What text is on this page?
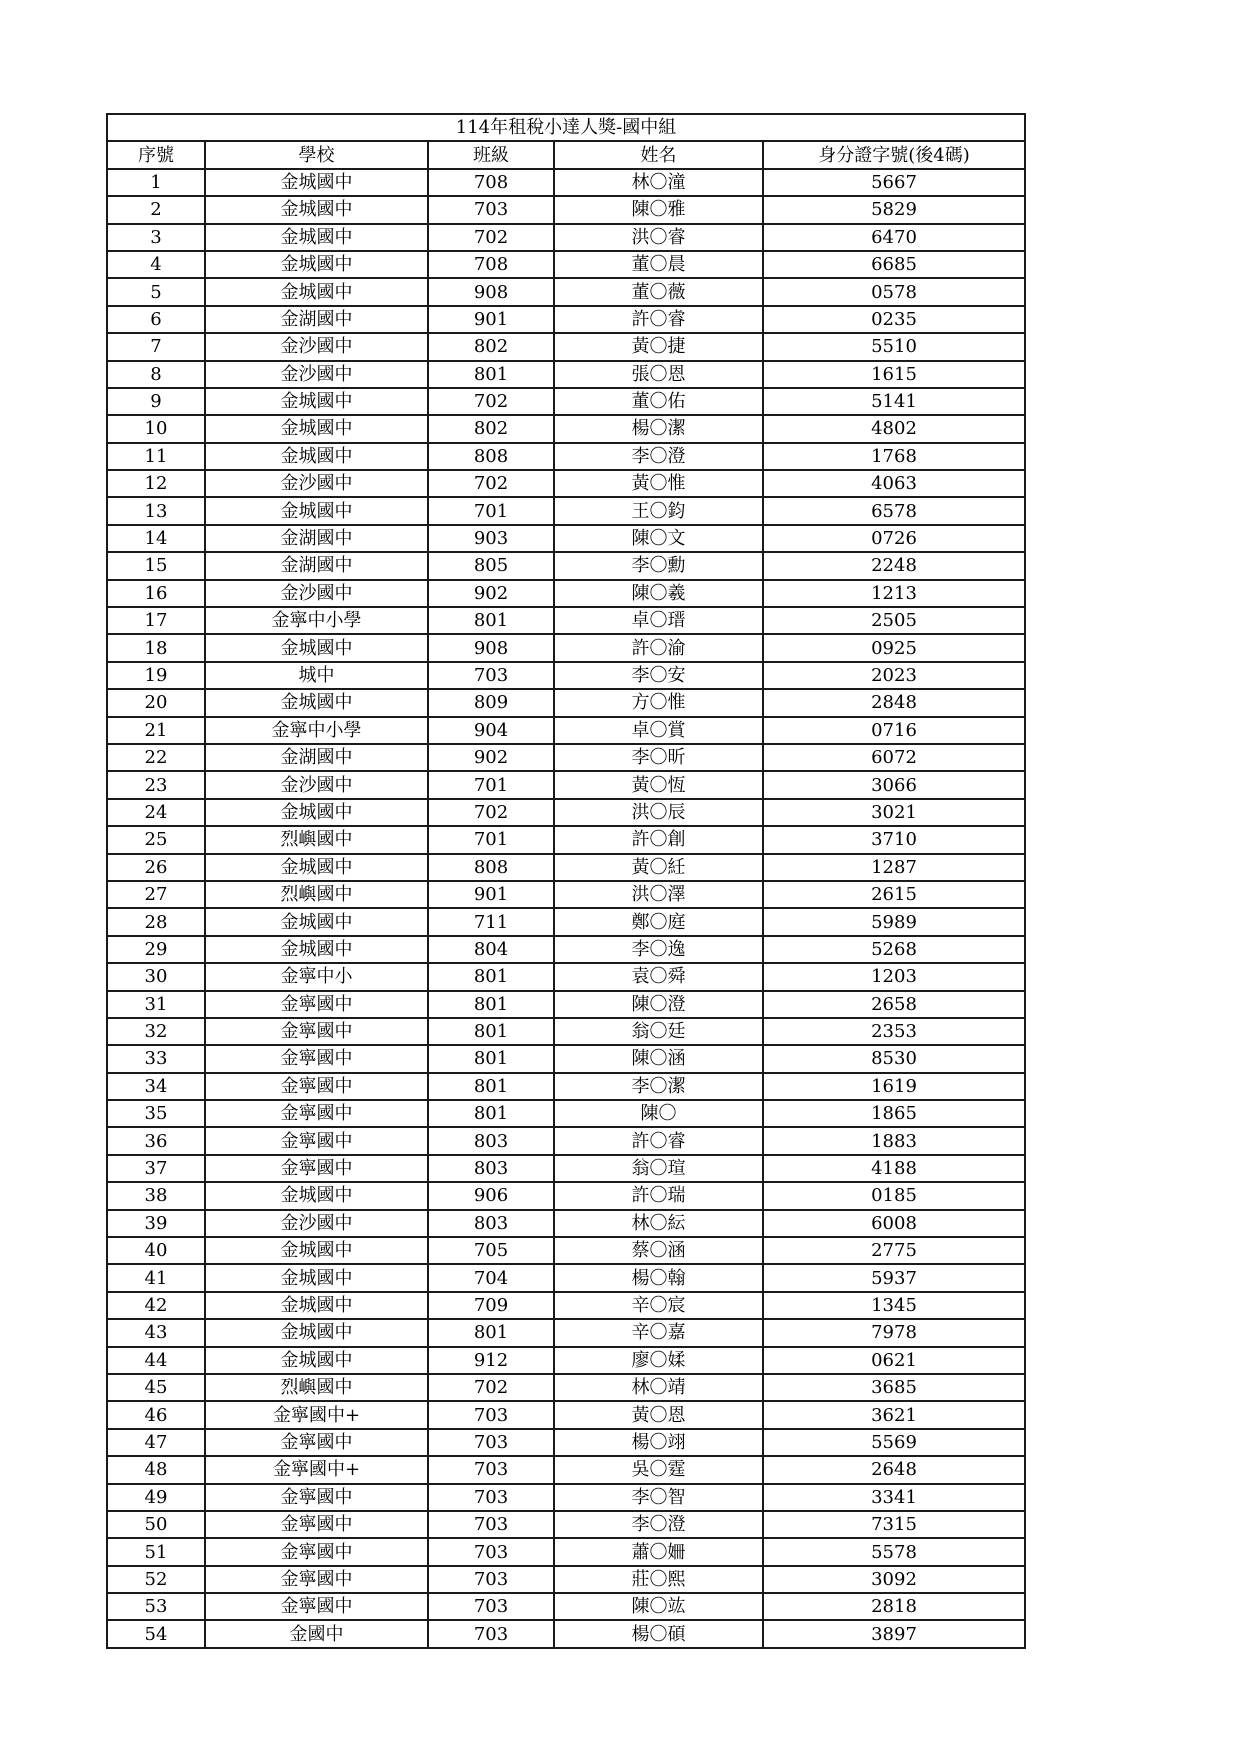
114年租稅小達人獎-國中組				
序號	學校	班級	姓名	身分證字號(後4碼)
1	金城國中	708	林〇潼	5667
2	金城國中	703	陳〇雅	5829
3	金城國中	702	洪〇睿	6470
4	金城國中	708	董〇晨	6685
5	金城國中	908	董〇薇	0578
6	金湖國中	901	許〇睿	0235
7	金沙國中	802	黃〇捷	5510
8	金沙國中	801	張〇恩	1615
9	金城國中	702	董〇佑	5141
10	金城國中	802	楊〇潔	4802
11	金城國中	808	李〇澄	1768
12	金沙國中	702	黃〇惟	4063
13	金城國中	701	王〇鈞	6578
14	金湖國中	903	陳〇文	0726
15	金湖國中	805	李〇勳	2248
16	金沙國中	902	陳〇羲	1213
17	金寧中小學	801	卓〇瑨	2505
18	金城國中	908	許〇渝	0925
19	城中	703	李〇安	2023
20	金城國中	809	方〇惟	2848
21	金寧中小學	904	卓〇賞	0716
22	金湖國中	902	李〇昕	6072
23	金沙國中	701	黃〇恆	3066
24	金城國中	702	洪〇辰	3021
25	烈嶼國中	701	許〇創	3710
26	金城國中	808	黃〇紝	1287
27	烈嶼國中	901	洪〇澤	2615
28	金城國中	711	鄭〇庭	5989
29	金城國中	804	李〇逸	5268
30	金寧中小	801	袁〇舜	1203
31	金寧國中	801	陳〇澄	2658
32	金寧國中	801	翁〇廷	2353
33	金寧國中	801	陳〇涵	8530
34	金寧國中	801	李〇潔	1619
35	金寧國中	801	陳〇	1865
36	金寧國中	803	許〇睿	1883
37	金寧國中	803	翁〇瑄	4188
38	金城國中	906	許〇瑞	0185
39	金沙國中	803	林〇紜	6008
40	金城國中	705	蔡〇涵	2775
41	金城國中	704	楊〇翰	5937
42	金城國中	709	辛〇宸	1345
43	金城國中	801	辛〇嘉	7978
44	金城國中	912	廖〇媃	0621
45	烈嶼國中	702	林〇靖	3685
46	金寧國中+	703	黃〇恩	3621
47	金寧國中	703	楊〇翊	5569
48	金寧國中+	703	吳〇霆	2648
49	金寧國中	703	李〇智	3341
50	金寧國中	703	李〇澄	7315
51	金寧國中	703	蕭〇姍	5578
52	金寧國中	703	莊〇熙	3092
53	金寧國中	703	陳〇竑	2818
54	金國中	703	楊〇碩	3897
